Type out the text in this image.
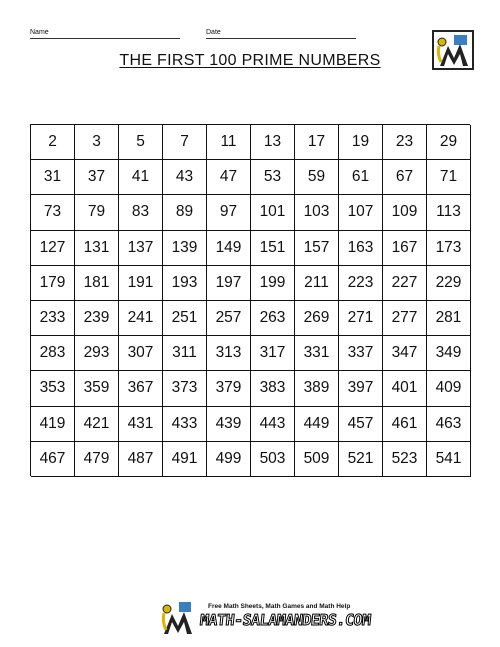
Name	Date
THE FIRST 100 PRIME NUMBERS
2	3	5	7	11	13	17	19	23	29
31	37	41	43	47	53	59	61	67	71
73	79	83	89	97	101	103	107	109	113
127	131	137	139	149	151	157	163	167	173
179	181	191	193	197	199	211	223	227	229
233	239	241	251	257	263	269	271	277	281
283	293	307	311	313	317	331	337	347	349
353	359	367	373	379	383	389	397	401	409
419	421	431	433	439	443	449	457	461	463
467	479	487	491	499	503	509	521	523	541
Free Math Sheets, Math Games and Math Help
MATH-SALAMANDERS.COM
